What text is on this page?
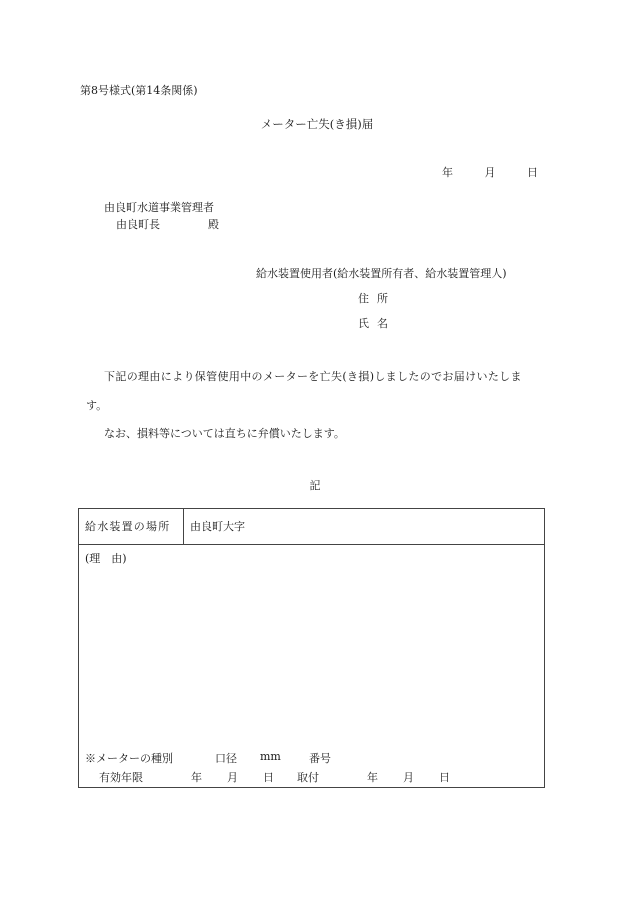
第8号様式(第14条関係)
メーター亡失(き損)届
年	月	日
由良町水道事業管理者
由良町長	殿
給水装置使用者(給水装置所有者、給水装置管理人)
住所
氏名
下記の理由により保管使用中のメーターを亡失(き損)しましたのでお届けいたしま
す。
なお、損料等については直ちに弁償いたします。
記
給水装置の場所	由良町大字
(理　由)
※メーターの種別	口径 mm	番号
有効年限	年 月 日 取付	年 月 日
